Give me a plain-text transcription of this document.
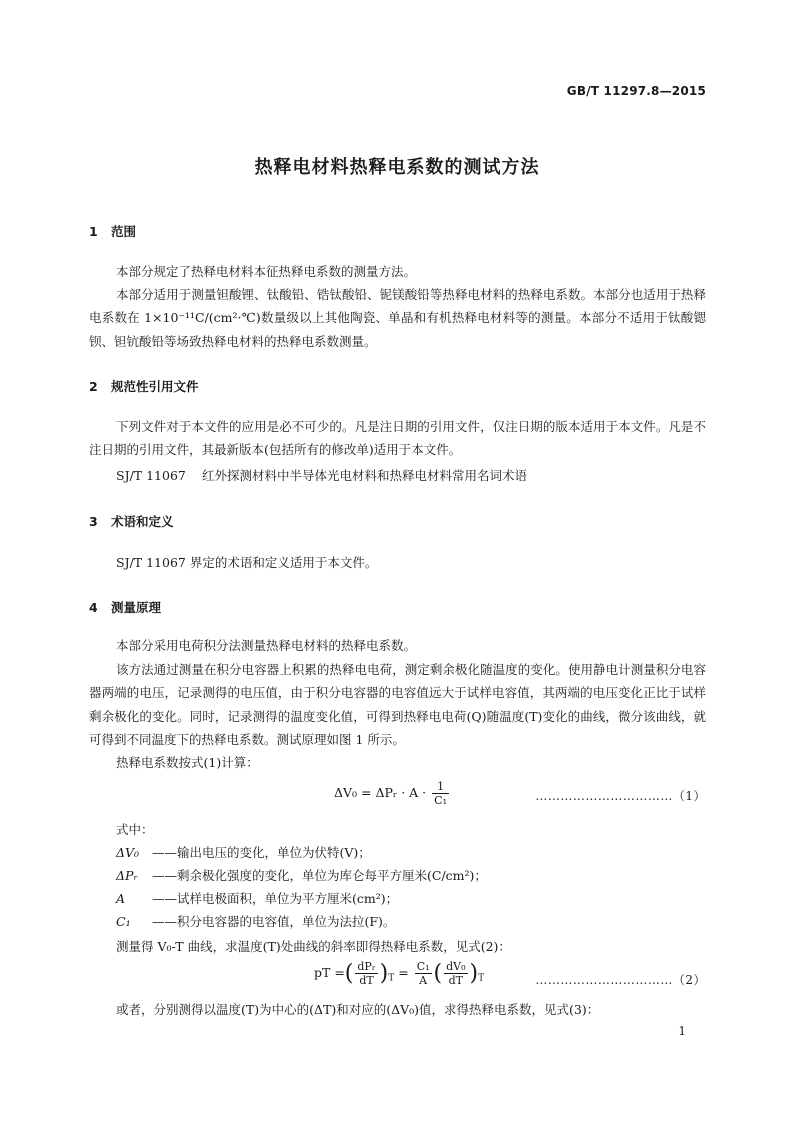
GB/T 11297.8—2015
热释电材料热释电系数的测试方法
1 范围

本部分规定了热释电材料本征热释电系数的测量方法。

本部分适用于测量钽酸锂、钛酸铅、锆钛酸铅、铌镁酸铅等热释电材料的热释电系数。本部分也适用于热释电系数在 1×10⁻¹¹C/(cm²·℃)数量级以上其他陶瓷、单晶和有机热释电材料等的测量。本部分不适用于钛酸锶钡、钽钪酸铅等场致热释电材料的热释电系数测量。

2 规范性引用文件

下列文件对于本文件的应用是必不可少的。凡是注日期的引用文件，仅注日期的版本适用于本文件。凡是不注日期的引用文件，其最新版本(包括所有的修改单)适用于本文件。

SJ/T 11067 红外探测材料中半导体光电材料和热释电材料常用名词术语
3 术语和定义
SJ/T 11067 界定的术语和定义适用于本文件。
4 测量原理

本部分采用电荷积分法测量热释电材料的热释电系数。

该方法通过测量在积分电容器上积累的热释电电荷，测定剩余极化随温度的变化。使用静电计测量积分电容器两端的电压，记录测得的电压值，由于积分电容器的电容值远大于试样电容值，其两端的电压变化正比于试样剩余极化的变化。同时，记录测得的温度变化值，可得到热释电电荷(Q)随温度(T)变化的曲线，微分该曲线，就可得到不同温度下的热释电系数。测试原理如图 1 所示。

热释电系数按式(1)计算：

ΔV₀ = ΔPᵣ · $A \cdot \frac{1}{\text{C₁}}$	……………………………（1）
式中：
ΔV₀ ——输出电压的变化，单位为伏特(V)；
ΔPᵣ ——剩余极化强度的变化，单位为库仑每平方厘米(C/cm²)；
A ——试样电极面积，单位为平方厘米(cm²)；
C₁ ——积分电容器的电容值，单位为法拉(F)。

测量得 V₀-T 曲线，求温度(T)处曲线的斜率即得热释电系数，见式(2)：

pT =( $\frac{\text{dPᵣ}}{dT} )_T = \frac{\text{C₁}}{A}$ ( $\frac{\text{dV₀}}{dT} )_T$	……………………………（2）

或者，分别测得以温度(T)为中心的(ΔT)和对应的(ΔV₀)值，求得热释电系数，见式(3)：

1
